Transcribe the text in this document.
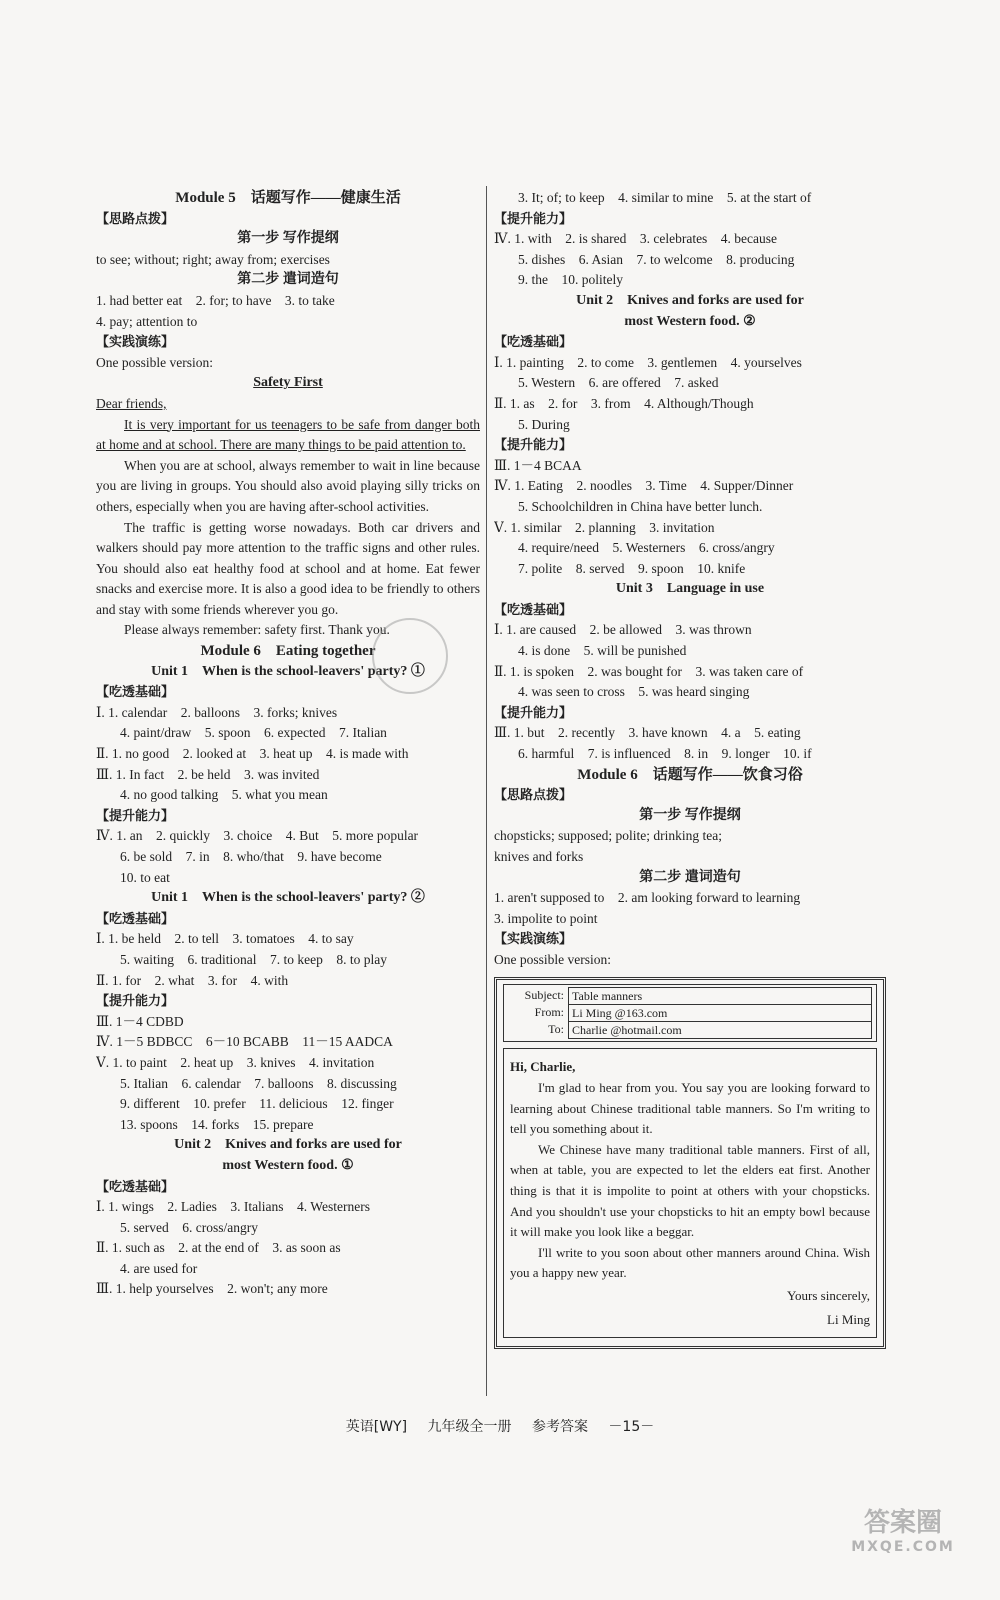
Module 5　话题写作——健康生活
【思路点拨】
第一步 写作提纲
to see; without; right; away from; exercises
第二步 遣词造句
1. had better eat　2. for; to have　3. to take
4. pay; attention to
【实践演练】
One possible version:
Safety First
Dear friends,
It is very important for us teenagers to be safe from danger both at home and at school. There are many things to be paid attention to.
When you are at school, always remember to wait in line because you are living in groups. You should also avoid playing silly tricks on others, especially when you are having after-school activities.
The traffic is getting worse nowadays. Both car drivers and walkers should pay more attention to the traffic signs and other rules. You should also eat healthy food at school and at home. Eat fewer snacks and exercise more. It is also a good idea to be friendly to others and stay with some friends wherever you go.
Please always remember: safety first. Thank you.
Module 6　Eating together
Unit 1　When is the school-leavers' party? ①
【吃透基础】
Ⅰ. 1. calendar　2. balloons　3. forks; knives
4. paint/draw　5. spoon　6. expected　7. Italian
Ⅱ. 1. no good　2. looked at　3. heat up　4. is made with
Ⅲ. 1. In fact　2. be held　3. was invited
4. no good talking　5. what you mean
【提升能力】
Ⅳ. 1. an　2. quickly　3. choice　4. But　5. more popular
6. be sold　7. in　8. who/that　9. have become
10. to eat
Unit 1　When is the school-leavers' party? ②
【吃透基础】
Ⅰ. 1. be held　2. to tell　3. tomatoes　4. to say
5. waiting　6. traditional　7. to keep　8. to play
Ⅱ. 1. for　2. what　3. for　4. with
【提升能力】
Ⅲ. 1－4 CDBD
Ⅳ. 1－5 BDBCC　6－10 BCABB　11－15 AADCA
Ⅴ. 1. to paint　2. heat up　3. knives　4. invitation
5. Italian　6. calendar　7. balloons　8. discussing
9. different　10. prefer　11. delicious　12. finger
13. spoons　14. forks　15. prepare
Unit 2　Knives and forks are used for
most Western food. ①
【吃透基础】
Ⅰ. 1. wings　2. Ladies　3. Italians　4. Westerners
5. served　6. cross/angry
Ⅱ. 1. such as　2. at the end of　3. as soon as
4. are used for
Ⅲ. 1. help yourselves　2. won't; any more
3. It; of; to keep　4. similar to mine　5. at the start of
【提升能力】
Ⅳ. 1. with　2. is shared　3. celebrates　4. because
5. dishes　6. Asian　7. to welcome　8. producing
9. the　10. politely
Unit 2　Knives and forks are used for
most Western food. ②
【吃透基础】
Ⅰ. 1. painting　2. to come　3. gentlemen　4. yourselves
5. Western　6. are offered　7. asked
Ⅱ. 1. as　2. for　3. from　4. Although/Though
5. During
【提升能力】
Ⅲ. 1－4 BCAA
Ⅳ. 1. Eating　2. noodles　3. Time　4. Supper/Dinner
5. Schoolchildren in China have better lunch.
Ⅴ. 1. similar　2. planning　3. invitation
4. require/need　5. Westerners　6. cross/angry
7. polite　8. served　9. spoon　10. knife
Unit 3　Language in use
【吃透基础】
Ⅰ. 1. are caused　2. be allowed　3. was thrown
4. is done　5. will be punished
Ⅱ. 1. is spoken　2. was bought for　3. was taken care of
4. was seen to cross　5. was heard singing
【提升能力】
Ⅲ. 1. but　2. recently　3. have known　4. a　5. eating
6. harmful　7. is influenced　8. in　9. longer　10. if
Module 6　话题写作——饮食习俗
【思路点拨】
第一步 写作提纲
chopsticks; supposed; polite; drinking tea;
knives and forks
第二步 遣词造句
1. aren't supposed to　2. am looking forward to learning
3. impolite to point
【实践演练】
One possible version:
Subject: Table manners
From: Li Ming @163.com
To: Charlie @hotmail.com
Hi, Charlie,
I'm glad to hear from you. You say you are looking forward to learning about Chinese traditional table manners. So I'm writing to tell you something about it.
We Chinese have many traditional table manners. First of all, when at table, you are expected to let the elders eat first. Another thing is that it is impolite to point at others with your chopsticks. And you shouldn't use your chopsticks to hit an empty bowl because it will make you look like a beggar.
I'll write to you soon about other manners around China. Wish you a happy new year.
Yours sincerely,
Li Ming
英语[WY] 九年级全一册 参考答案 －15－
答案圈
MXQE.COM
